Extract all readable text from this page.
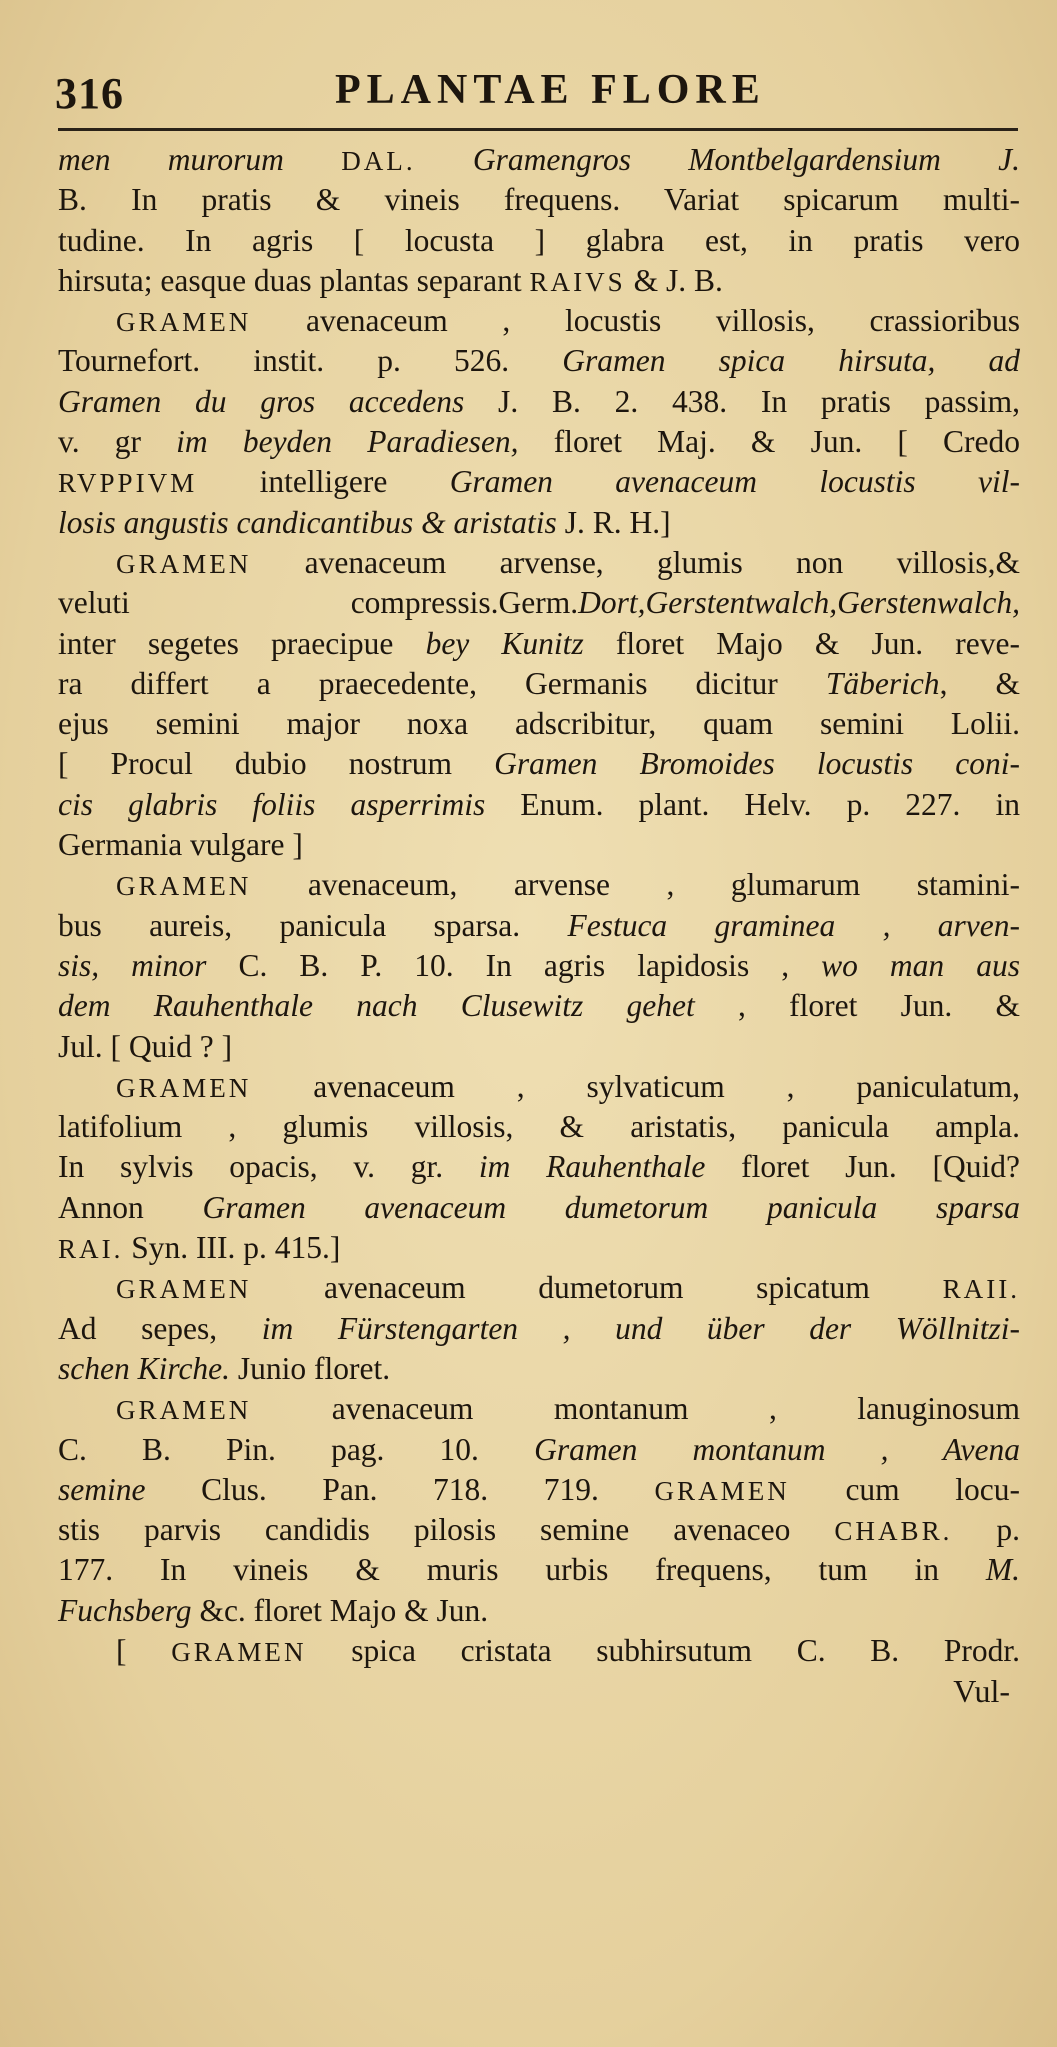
316	PLANTAE FLORE
men murorum DAL. Gramengros Montbelgardensium J.
B. In pratis & vineis frequens. Variat spicarum multi-
tudine. In agris [ locusta ] glabra est, in pratis vero
hirsuta; easque duas plantas separant RAIVS & J. B.
GRAMEN avenaceum , locustis villosis, crassioribus
Tournefort. instit. p. 526. Gramen spica hirsuta, ad
Gramen du gros accedens J. B. 2. 438. In pratis passim,
v. gr im beyden Paradiesen, floret Maj. & Jun. [ Credo
RVPPIVM intelligere Gramen avenaceum locustis vil-
losis angustis candicantibus & aristatis J. R. H.]
GRAMEN avenaceum arvense, glumis non villosis,&
veluti compressis.Germ.Dort,Gerstentwalch,Gerstenwalch,
inter segetes praecipue bey Kunitz floret Majo & Jun. reve-
ra differt a praecedente, Germanis dicitur Täberich, &
ejus semini major noxa adscribitur, quam semini Lolii.
[ Procul dubio nostrum Gramen Bromoides locustis coni-
cis glabris foliis asperrimis Enum. plant. Helv. p. 227. in
Germania vulgare ]
GRAMEN avenaceum, arvense , glumarum stamini-
bus aureis, panicula sparsa. Festuca graminea , arven-
sis, minor C. B. P. 10. In agris lapidosis , wo man aus
dem Rauhenthale nach Clusewitz gehet , floret Jun. &
Jul. [ Quid ? ]
GRAMEN avenaceum , sylvaticum , paniculatum,
latifolium , glumis villosis, & aristatis, panicula ampla.
In sylvis opacis, v. gr. im Rauhenthale floret Jun. [Quid?
Annon Gramen avenaceum dumetorum panicula sparsa
RAI. Syn. III. p. 415.]
GRAMEN avenaceum dumetorum spicatum RAII.
Ad sepes, im Fürstengarten , und über der Wöllnitzi-
schen Kirche. Junio floret.
GRAMEN avenaceum montanum , lanuginosum
C. B. Pin. pag. 10. Gramen montanum , Avena
semine Clus. Pan. 718. 719. GRAMEN cum locu-
stis parvis candidis pilosis semine avenaceo CHABR. p.
177. In vineis & muris urbis frequens, tum in M.
Fuchsberg &c. floret Majo & Jun.
[ GRAMEN spica cristata subhirsutum C. B. Prodr.
Vul-
